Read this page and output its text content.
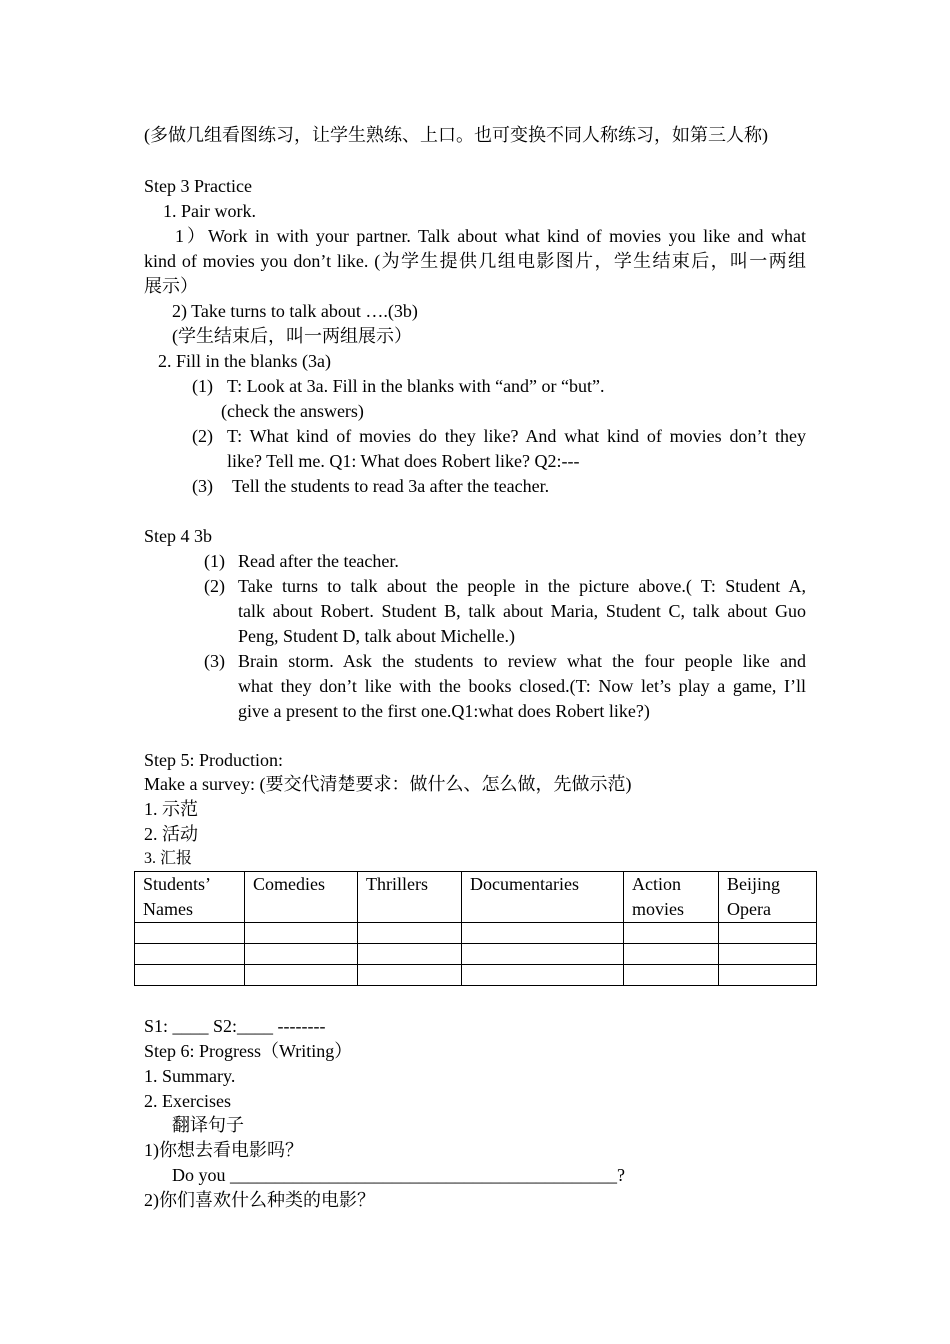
(多做几组看图练习，让学生熟练、上口。也可变换不同人称练习，如第三人称)
Step 3 Practice
1. Pair work.
1）Work in with your partner. Talk about what kind of movies you like and what
kind of movies you don’t like. (为学生提供几组电影图片，学生结束后，叫一两组
展示）
2) Take turns to talk about ….(3b)
(学生结束后，叫一两组展示）
2. Fill in the blanks (3a)
(1) T: Look at 3a. Fill in the blanks with “and” or “but”.
(check the answers)
(2) T: What kind of movies do they like? And what kind of movies don’t they
like? Tell me. Q1: What does Robert like? Q2:---
(3) Tell the students to read 3a after the teacher.
Step 4 3b
(1) Read after the teacher.
(2) Take turns to talk about the people in the picture above.( T: Student A,
talk about Robert. Student B, talk about Maria, Student C, talk about Guo
Peng, Student D, talk about Michelle.)
(3) Brain storm. Ask the students to review what the four people like and
what they don’t like with the books closed.(T: Now let’s play a game, I’ll
give a present to the first one.Q1:what does Robert like?)
Step 5: Production:
Make a survey: (要交代清楚要求：做什么、怎么做，先做示范)
1. 示范
2. 活动
3. 汇报
Students’ Names	Comedies	Thrillers	Documentaries	Action movies	Beijing Opera

S1: ____ S2:____ --------
Step 6: Progress（Writing）
1. Summary.
2. Exercises
翻译句子
1)你想去看电影吗？
Do you ___________________________________________?
2)你们喜欢什么种类的电影？
